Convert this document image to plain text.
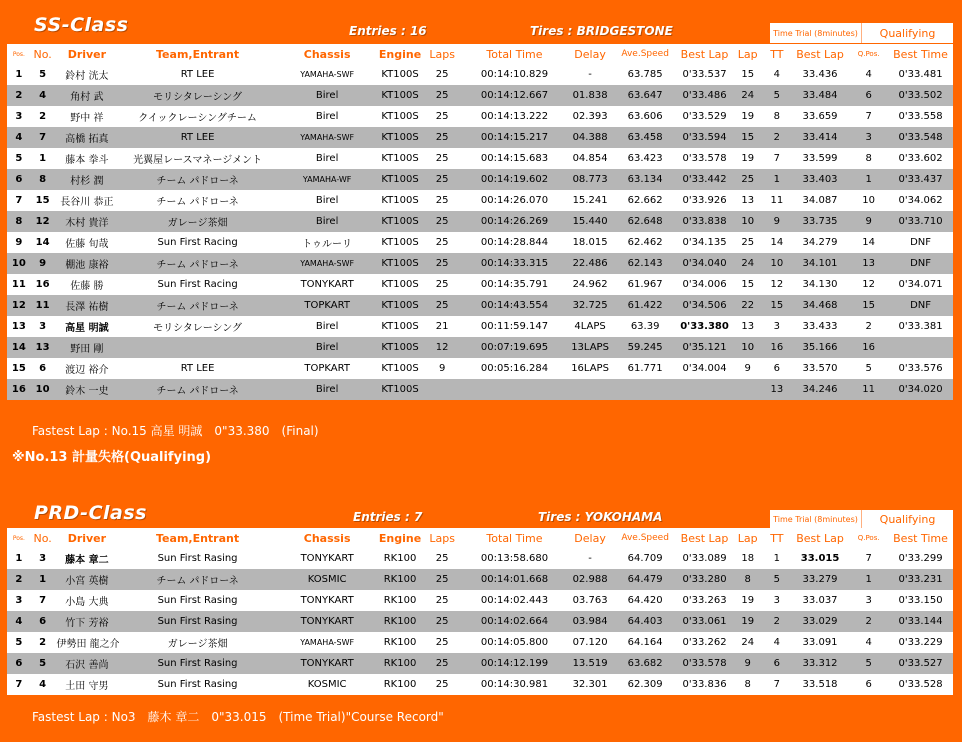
SS-Class	Entries : 16	Tires : BRIDGESTONE	Time Trial (8minutes)	Qualifying
Pos.	No.	Driver	Team,Entrant	Chassis	Engine	Laps	Total Time	Delay	Ave.Speed	Best Lap	Lap	TT	Best Lap	Q.Pos.	Best Time
1	5	鈴村 洸太	RT LEE	YAMAHA-SWF	KT100S	25	00:14:10.829	-	63.785	0'33.537	15	4	33.436	4	0'33.481
2	4	角村 武	モリシタレーシング	Birel	KT100S	25	00:14:12.667	01.838	63.647	0'33.486	24	5	33.484	6	0'33.502
3	2	野中 祥	クイックレーシングチーム	Birel	KT100S	25	00:14:13.222	02.393	63.606	0'33.529	19	8	33.659	7	0'33.558
4	7	高橋 拓真	RT LEE	YAMAHA-SWF	KT100S	25	00:14:15.217	04.388	63.458	0'33.594	15	2	33.414	3	0'33.548
5	1	藤本 拳斗	光翼屋レースマネージメント	Birel	KT100S	25	00:14:15.683	04.854	63.423	0'33.578	19	7	33.599	8	0'33.602
6	8	村杉 潤	チーム パドローネ	YAMAHA-WF	KT100S	25	00:14:19.602	08.773	63.134	0'33.442	25	1	33.403	1	0'33.437
7	15	長谷川 恭正	チーム パドローネ	Birel	KT100S	25	00:14:26.070	15.241	62.662	0'33.926	13	11	34.087	10	0'34.062
8	12	木村 貴洋	ガレージ茶畑	Birel	KT100S	25	00:14:26.269	15.440	62.648	0'33.838	10	9	33.735	9	0'33.710
9	14	佐藤 旬哉	Sun First Racing	トゥルーリ	KT100S	25	00:14:28.844	18.015	62.462	0'34.135	25	14	34.279	14	DNF
10	9	棚池 康裕	チーム パドローネ	YAMAHA-SWF	KT100S	25	00:14:33.315	22.486	62.143	0'34.040	24	10	34.101	13	DNF
11	16	佐藤 勝	Sun First Racing	TONYKART	KT100S	25	00:14:35.791	24.962	61.967	0'34.006	15	12	34.130	12	0'34.071
12	11	長澤 祐樹	チーム パドローネ	TOPKART	KT100S	25	00:14:43.554	32.725	61.422	0'34.506	22	15	34.468	15	DNF
13	3	高星 明誠	モリシタレーシング	Birel	KT100S	21	00:11:59.147	4LAPS	63.39	0'33.380	13	3	33.433	2	0'33.381
14	13	野田 剛		Birel	KT100S	12	00:07:19.695	13LAPS	59.245	0'35.121	10	16	35.166	16	
15	6	渡辺 裕介	RT LEE	TOPKART	KT100S	9	00:05:16.284	16LAPS	61.771	0'34.004	9	6	33.570	5	0'33.576
16	10	鈴木 一史	チーム パドローネ	Birel	KT100S							13	34.246	11	0'34.020
Fastest Lap : No.15 高星 明誠　0"33.380　(Final)
※No.13 計量失格(Qualifying)
PRD-Class	Entries : 7	Tires : YOKOHAMA	Time Trial (8minutes)	Qualifying
Pos.	No.	Driver	Team,Entrant	Chassis	Engine	Laps	Total Time	Delay	Ave.Speed	Best Lap	Lap	TT	Best Lap	Q.Pos.	Best Time
1	3	藤本 章二	Sun First Rasing	TONYKART	RK100	25	00:13:58.680	-	64.709	0'33.089	18	1	33.015	7	0'33.299
2	1	小宮 英樹	チーム パドローネ	KOSMIC	RK100	25	00:14:01.668	02.988	64.479	0'33.280	8	5	33.279	1	0'33.231
3	7	小島 大典	Sun First Rasing	TONYKART	RK100	25	00:14:02.443	03.763	64.420	0'33.263	19	3	33.037	3	0'33.150
4	6	竹下 芳裕	Sun First Rasing	TONYKART	RK100	25	00:14:02.664	03.984	64.403	0'33.061	19	2	33.029	2	0'33.144
5	2	伊勢田 龍之介	ガレージ茶畑	YAMAHA-SWF	RK100	25	00:14:05.800	07.120	64.164	0'33.262	24	4	33.091	4	0'33.229
6	5	石沢 善尚	Sun First Rasing	TONYKART	RK100	25	00:14:12.199	13.519	63.682	0'33.578	9	6	33.312	5	0'33.527
7	4	土田 守男	Sun First Rasing	KOSMIC	RK100	25	00:14:30.981	32.301	62.309	0'33.836	8	7	33.518	6	0'33.528
Fastest Lap : No3　藤木 章二　0"33.015　(Time Trial)"Course Record"
